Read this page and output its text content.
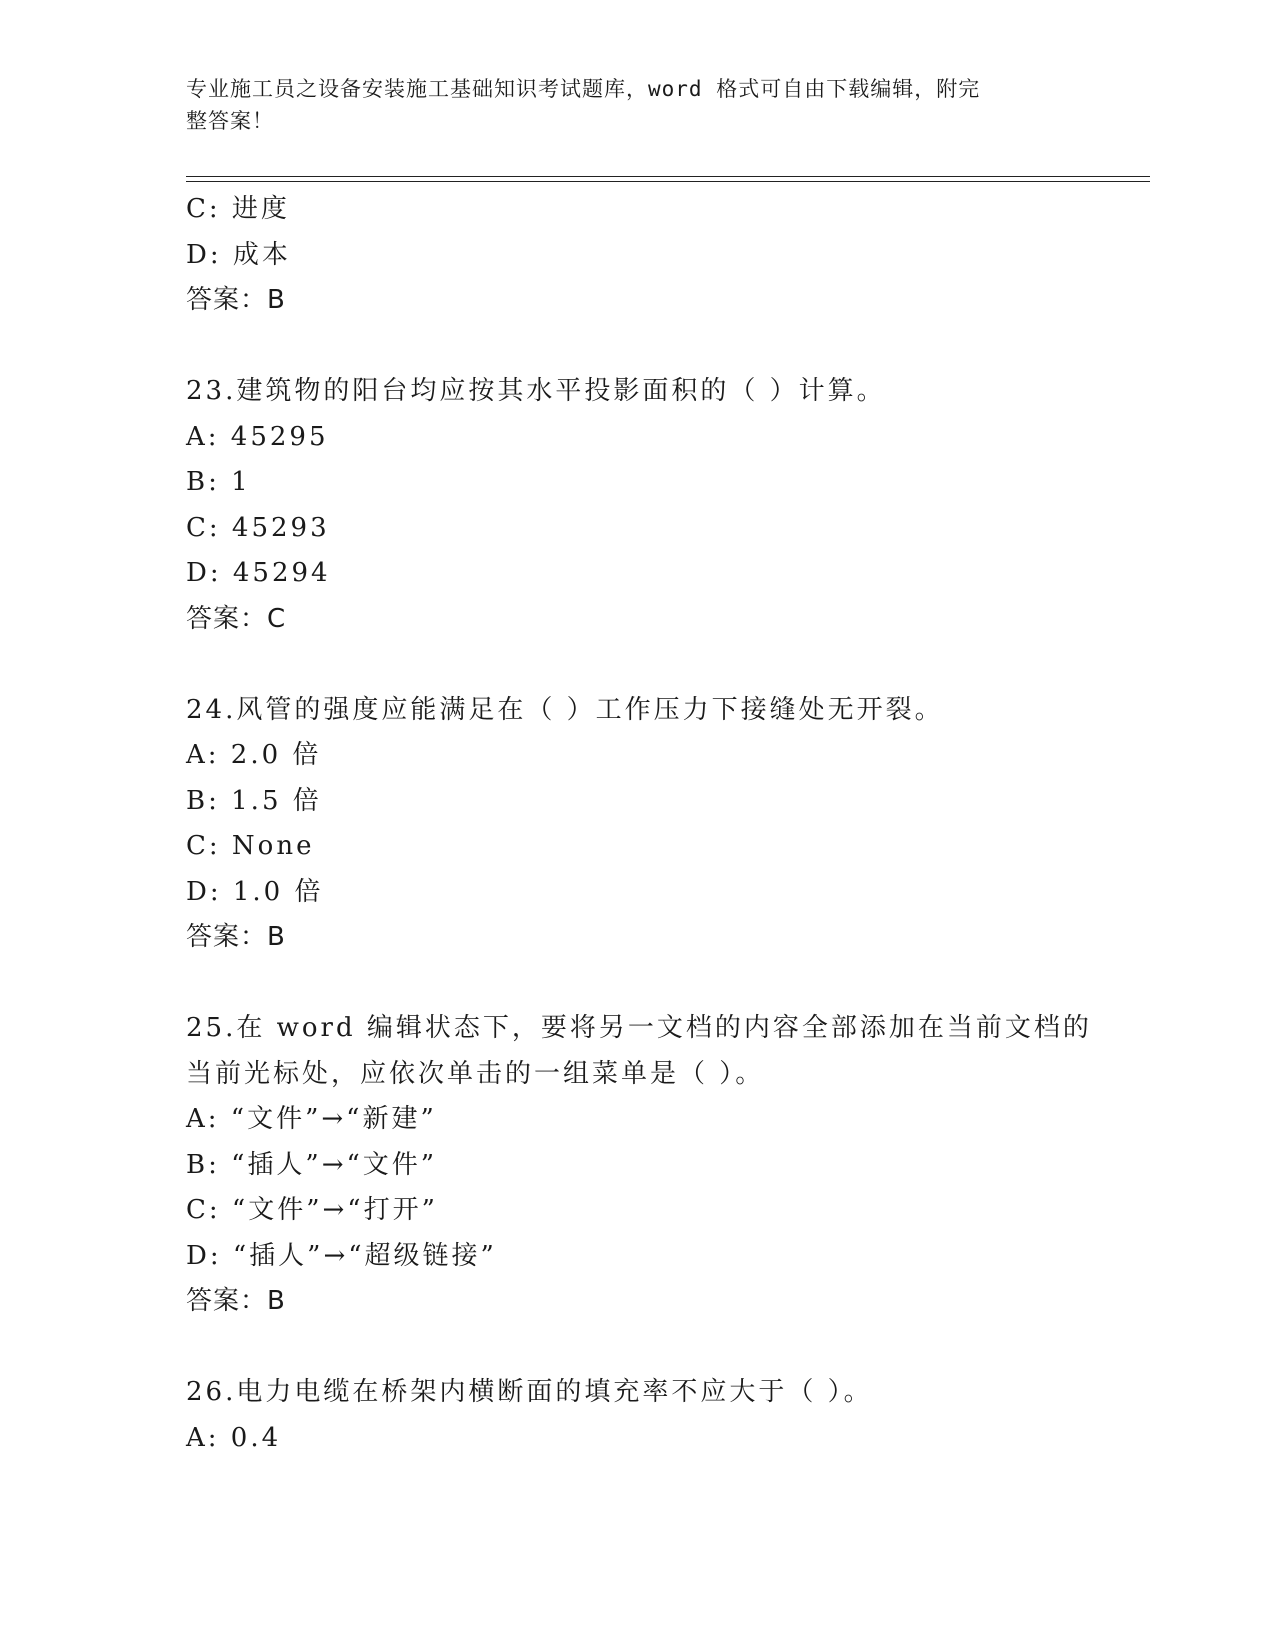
专业施工员之设备安装施工基础知识考试题库，word 格式可自由下载编辑，附完
整答案！
C: 进度
D: 成本
答案：B
23.建筑物的阳台均应按其水平投影面积的（ ）计算。
A: 45295
B: 1
C: 45293
D: 45294
答案：C
24.风管的强度应能满足在（ ）工作压力下接缝处无开裂。
A: 2.0 倍
B: 1.5 倍
C: None
D: 1.0 倍
答案：B
25.在 word 编辑状态下，要将另一文档的内容全部添加在当前文档的
当前光标处，应依次单击的一组菜单是（ ）。
A: “文件”→“新建”
B: “插人”→“文件”
C: “文件”→“打开”
D: “插人”→“超级链接”
答案：B
26.电力电缆在桥架内横断面的填充率不应大于（ ）。
A: 0.4
